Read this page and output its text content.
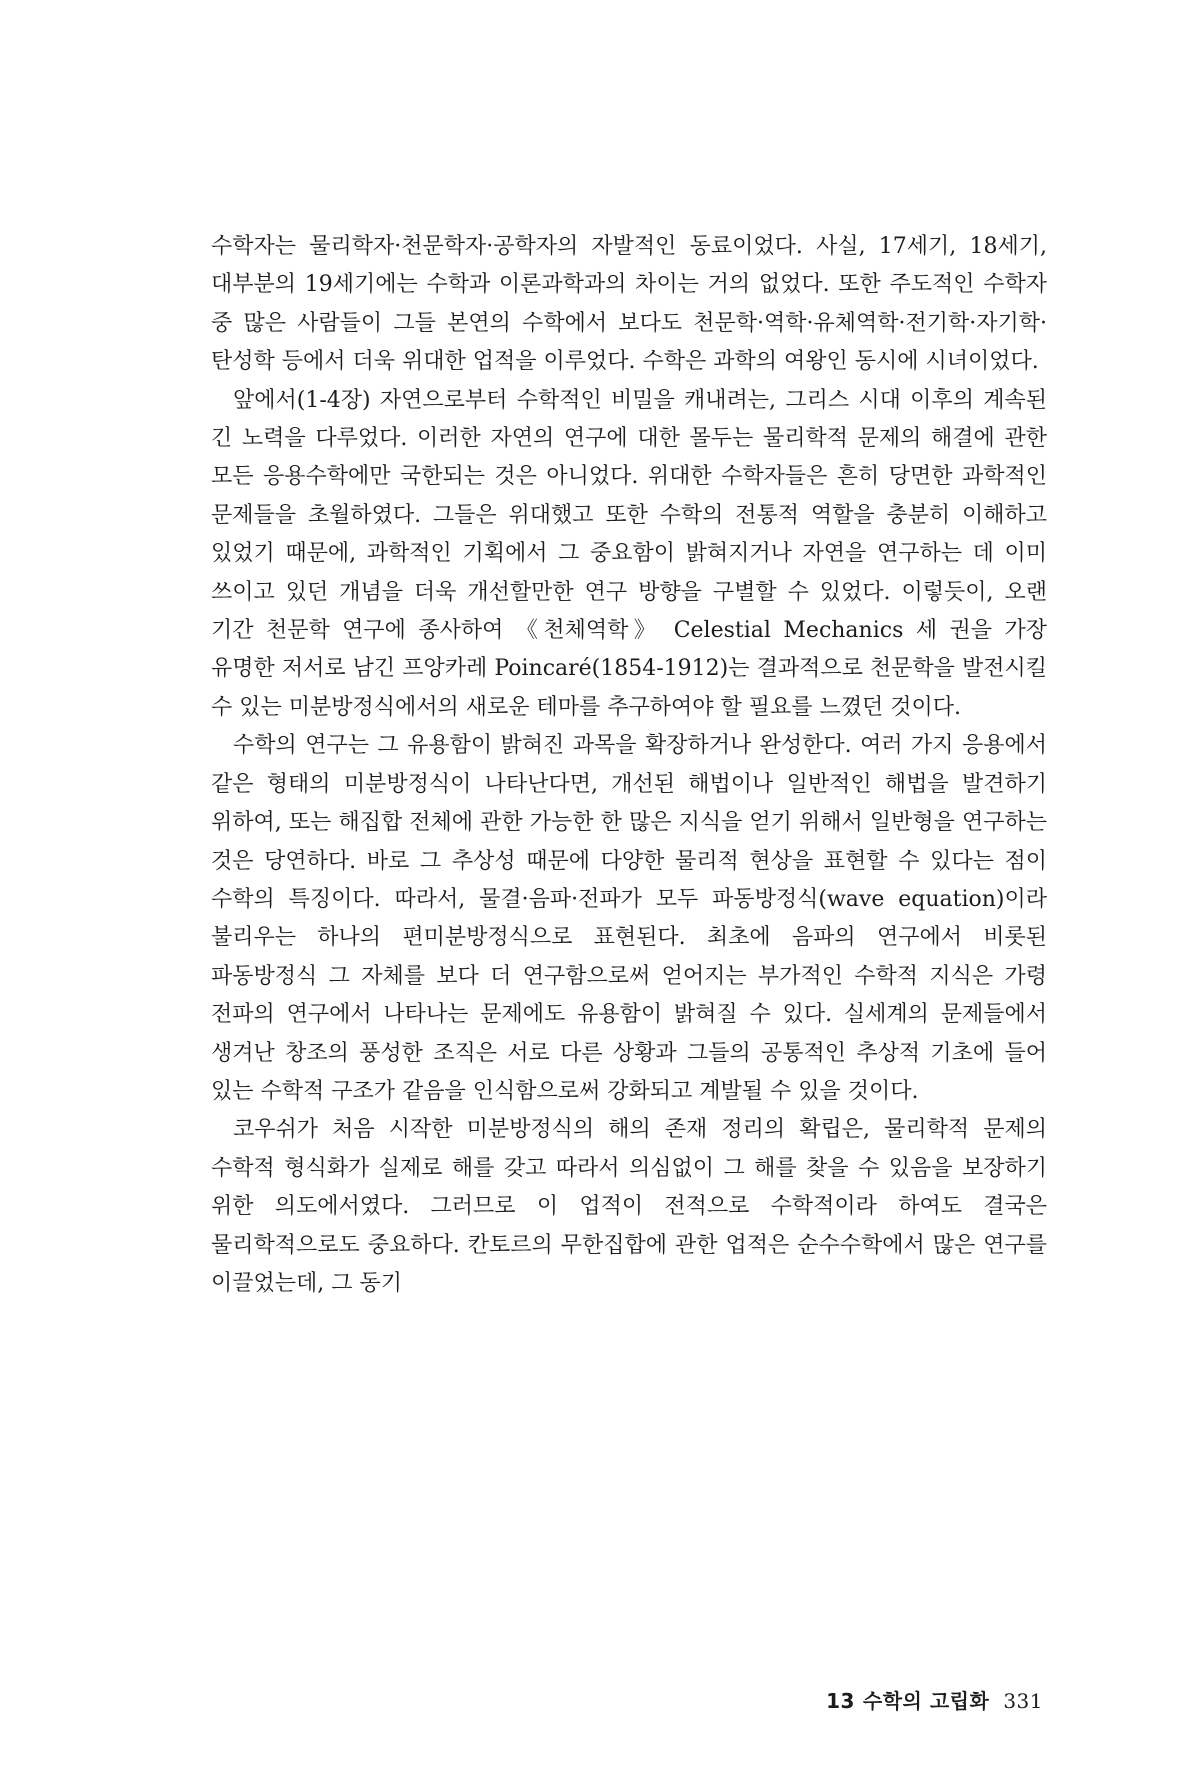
수학자는 물리학자·천문학자·공학자의 자발적인 동료이었다. 사실, 17세기, 18세기, 대부분의 19세기에는 수학과 이론과학과의 차이는 거의 없었다. 또한 주도적인 수학자 중 많은 사람들이 그들 본연의 수학에서 보다도 천문학·역학·유체역학·전기학·자기학·탄성학 등에서 더욱 위대한 업적을 이루었다. 수학은 과학의 여왕인 동시에 시녀이었다.

앞에서(1-4장) 자연으로부터 수학적인 비밀을 캐내려는, 그리스 시대 이후의 계속된 긴 노력을 다루었다. 이러한 자연의 연구에 대한 몰두는 물리학적 문제의 해결에 관한 모든 응용수학에만 국한되는 것은 아니었다. 위대한 수학자들은 흔히 당면한 과학적인 문제들을 초월하였다. 그들은 위대했고 또한 수학의 전통적 역할을 충분히 이해하고 있었기 때문에, 과학적인 기획에서 그 중요함이 밝혀지거나 자연을 연구하는 데 이미 쓰이고 있던 개념을 더욱 개선할만한 연구 방향을 구별할 수 있었다. 이렇듯이, 오랜 기간 천문학 연구에 종사하여 《천체역학》 Celestial Mechanics 세 권을 가장 유명한 저서로 남긴 프앙카레 Poincaré(1854-1912)는 결과적으로 천문학을 발전시킬 수 있는 미분방정식에서의 새로운 테마를 추구하여야 할 필요를 느꼈던 것이다.

수학의 연구는 그 유용함이 밝혀진 과목을 확장하거나 완성한다. 여러 가지 응용에서 같은 형태의 미분방정식이 나타난다면, 개선된 해법이나 일반적인 해법을 발견하기 위하여, 또는 해집합 전체에 관한 가능한 한 많은 지식을 얻기 위해서 일반형을 연구하는 것은 당연하다. 바로 그 추상성 때문에 다양한 물리적 현상을 표현할 수 있다는 점이 수학의 특징이다. 따라서, 물결·음파·전파가 모두 파동방정식(wave equation)이라 불리우는 하나의 편미분방정식으로 표현된다. 최초에 음파의 연구에서 비롯된 파동방정식 그 자체를 보다 더 연구함으로써 얻어지는 부가적인 수학적 지식은 가령 전파의 연구에서 나타나는 문제에도 유용함이 밝혀질 수 있다. 실세계의 문제들에서 생겨난 창조의 풍성한 조직은 서로 다른 상황과 그들의 공통적인 추상적 기초에 들어 있는 수학적 구조가 같음을 인식함으로써 강화되고 계발될 수 있을 것이다.

코우쉬가 처음 시작한 미분방정식의 해의 존재 정리의 확립은, 물리학적 문제의 수학적 형식화가 실제로 해를 갖고 따라서 의심없이 그 해를 찾을 수 있음을 보장하기 위한 의도에서였다. 그러므로 이 업적이 전적으로 수학적이라 하여도 결국은 물리학적으로도 중요하다. 칸토르의 무한집합에 관한 업적은 순수수학에서 많은 연구를 이끌었는데, 그 동기

13 수학의 고립화 331
